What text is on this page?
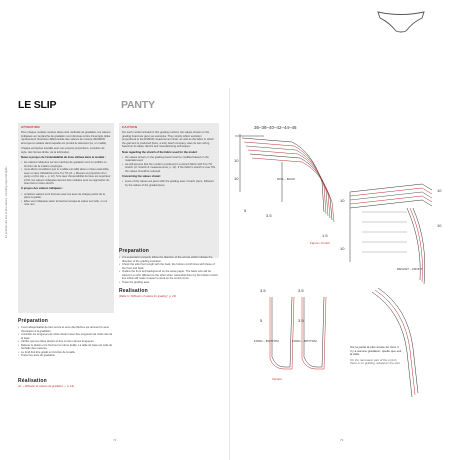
La poitrine des bas et des cuisses / Grading cups and tights
LE SLIP	PANTY

ATTENTION

Pour chaque modèle contenu dans cette méthode de gradation, les valeurs indiquées sur la planche de gradation sont données à titre d'exemple. Elles représentent l'évolution différencielle des valeurs de mesure d'ESMOD ainsi que la matière dans laquelle est produit le vêtement (ici, en maille).

Chaque entreprise travaille avec ses propres proportions, évolution de style, des formes droite, de la lubrication.

Notes à propos de l'entendabilité de tissu utilisée dans le modèle :

• les valeurs indiquées sur les marches de gradation sont à modifier en fonction de la matière employée.
• nous allons considérer que le modèle est taillé dans un tissu extensible, avec un taux d'élasticité entre 5 à 7% (cf. « Mesure et proportion d'un panty et d'un slip », p. 12). Si le taux d'extensibilité du tissu est supérieur à 5%, les valeurs indiquées devront être réduites pour se rapprocher du tissu réel en tissu stretch.

À propos des valeurs indiquées :

• certaines valeurs sont fournies avec les axes de chaque partie de la pièce à grader.
• Elles sont indiquées selon le barème lorsque la valeur est nulle, on ne note rien.

CAUTION

For each model included in this grading method, the values shown on the grading board are given as examples. They simply reflect evolution proportional to the ESMOD measurement chart, as well as the fabric in which the garment is produced (here, a knit). Each company uses its own sizing, based on its ideas, fabrics and manufacturing techniques.

Note regarding the stretch of the fabric used for the model:

• the values shown on the grading board must be modified based on the materials used.
• we will assume that the model is produced in a stretch fabric with 5 to 7% stretch (cf. Stretch & measurements, p. 12). If the fabric's stretch is over 5%, the values should be reduced.

Concerning the values shown:

• some of the values are given with the grading axes of each piece, followed by the values of the graded piece.
Préparation
• Il est indispensable de bien suivre le sens des flèches qui donnent le sens d'évolution à la gradation.
• Contrôler les longueurs de côtés devant avec des longueurs de côtés dos de la base.
• Vérifier que les côtés devant et dos ont les mêmes longueurs.
• Relever le dessin et le fond sur la même feuille. La taille de base est celle de l'échelle des mesures.
• Le fond doit être gradé en fonction de la taille.
• Tracer les axes de gradation.
Réalisation
(cf. « Diffusion et valeurs de gradation », p. 13)
Preparation
• It is essential to properly follow the direction of the arrows which indicate the direction of the grading evolution.
• Check the side front length with the back, the bottom crotch lines with those of the front and back.
• Outline the front and background on the same paper. The basic size will be traced in a color different to the other sizes. Assemble them by the bottom crotch line which will make it easier to work on the crotch curve.
• Trace the grading axes.
Realisation
(Refer to "Diffusion of values for grading", p. 13)
72	73
36–38–40–42–44–46
10
10
5
3.5
1.5
DOS – BACK
Figure / Crotch
10
10
10
10
DEVANT – FRONT
3.5	3.5
5	3.5
FOND – BOTTOM	FOND – BOTTOM
Version
Sur la partie la plus étroite du fond, il n'y a aucune gradation, quelle que soit la taille
On the narrowest part of the crotch, there is no grading, whatever the size.
